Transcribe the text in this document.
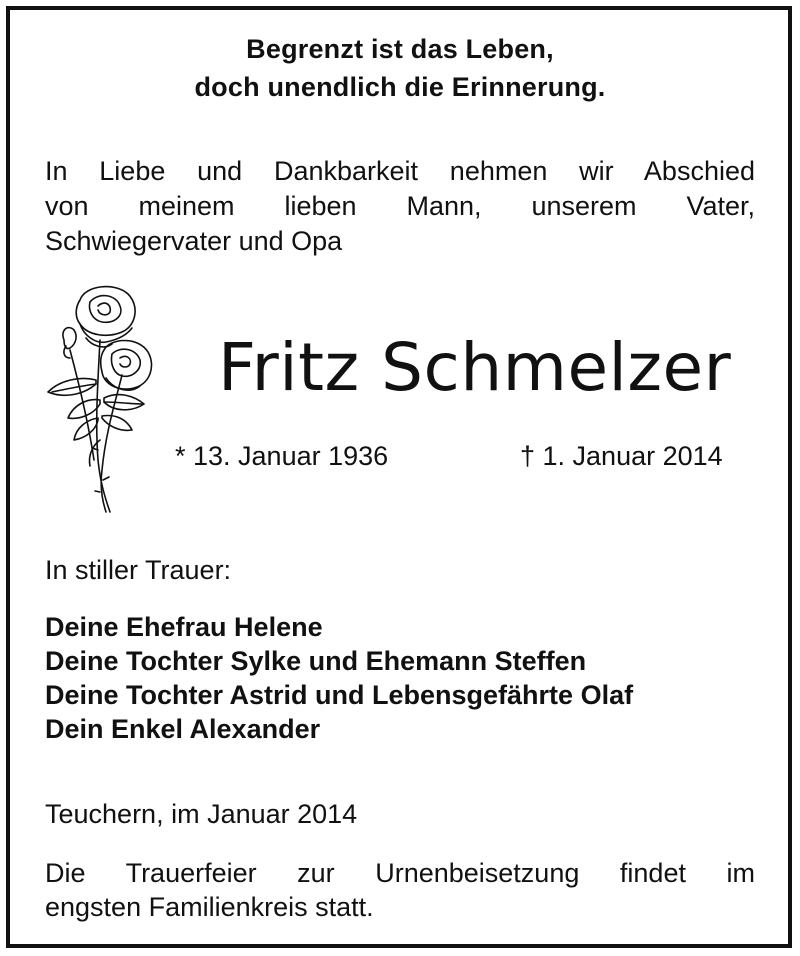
Begrenzt ist das Leben,
doch unendlich die Erinnerung.
In Liebe und Dankbarkeit nehmen wir Abschied
von meinem lieben Mann, unserem Vater,
Schwiegervater und Opa
Fritz Schmelzer
* 13. Januar 1936	† 1. Januar 2014
In stiller Trauer:
Deine Ehefrau Helene
Deine Tochter Sylke und Ehemann Steffen
Deine Tochter Astrid und Lebensgefährte Olaf
Dein Enkel Alexander
Teuchern, im Januar 2014
Die Trauerfeier zur Urnenbeisetzung findet im
engsten Familienkreis statt.
